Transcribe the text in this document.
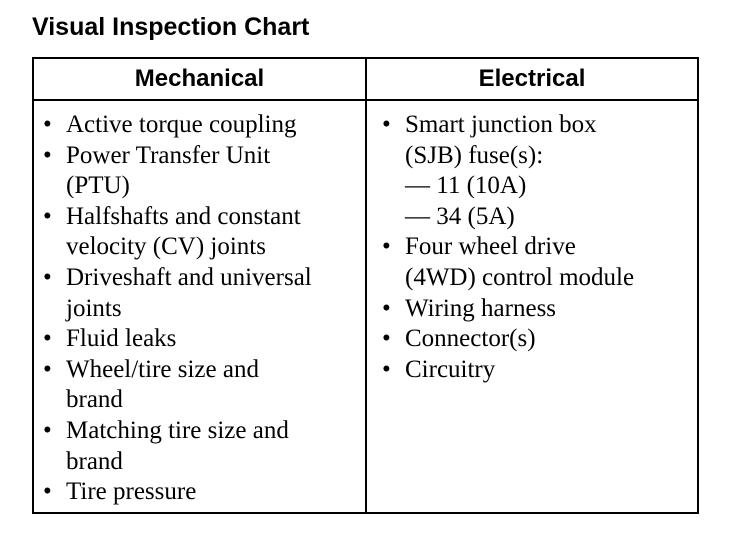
Visual Inspection Chart
Mechanical	Electrical
• Active torque coupling
• Power Transfer Unit
(PTU)
• Halfshafts and constant
velocity (CV) joints
• Driveshaft and universal
joints
• Fluid leaks
• Wheel/tire size and
brand
• Matching tire size and
brand
• Tire pressure
• Smart junction box
(SJB) fuse(s):
— 11 (10A)
— 34 (5A)
• Four wheel drive
(4WD) control module
• Wiring harness
• Connector(s)
• Circuitry
